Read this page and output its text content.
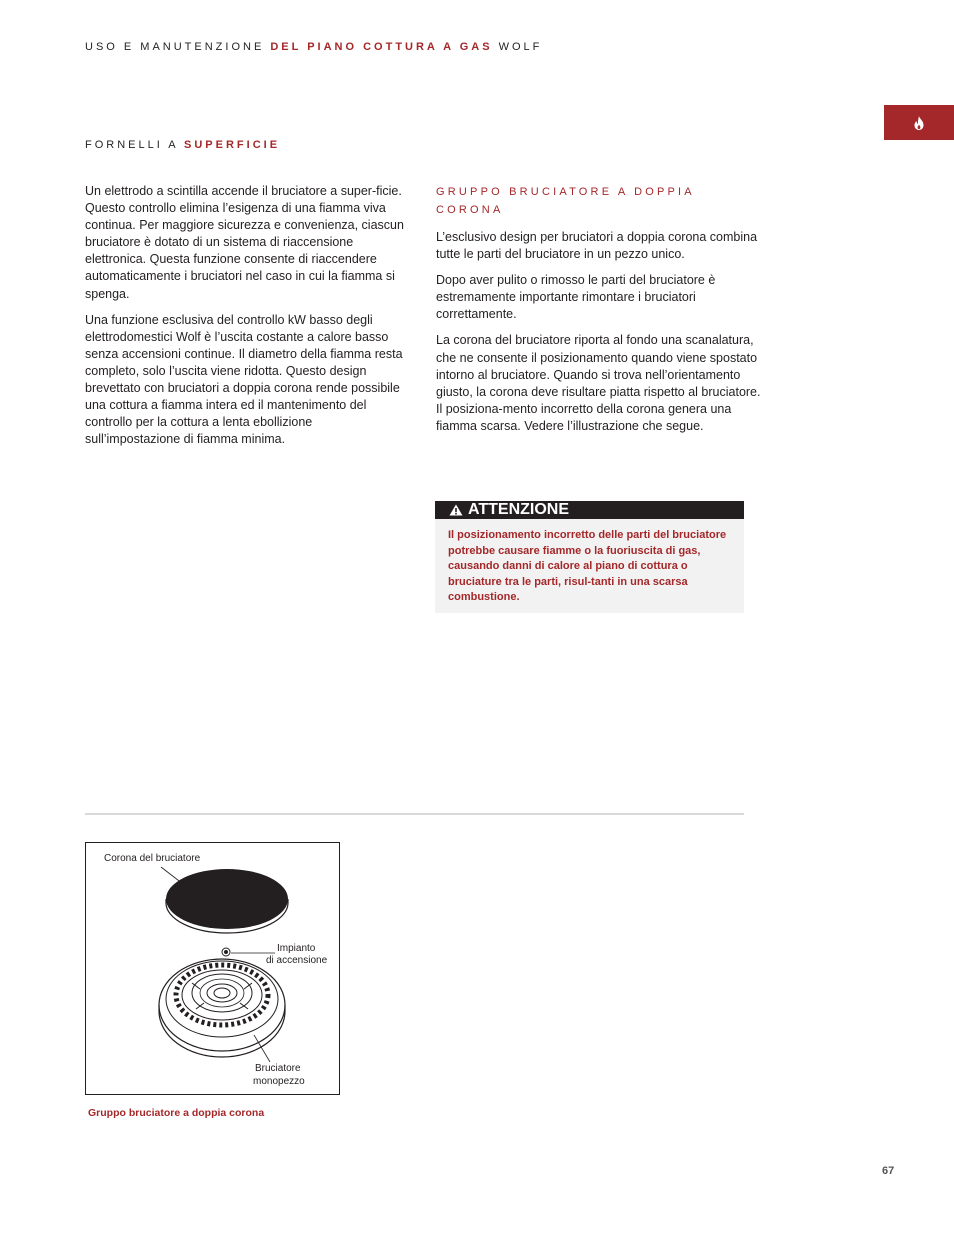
USO E MANUTENZIONE DEL PIANO COTTURA A GAS WOLF
FORNELLI A SUPERFICIE

Un elettrodo a scintilla accende il bruciatore a super-ficie. Questo controllo elimina l’esigenza di una fiamma viva continua. Per maggiore sicurezza e convenienza, ciascun bruciatore è dotato di un sistema di riaccensione elettronica. Questa funzione consente di riaccendere automaticamente i bruciatori nel caso in cui la fiamma si spenga.

Una funzione esclusiva del controllo kW basso degli elettrodomestici Wolf è l’uscita costante a calore basso senza accensioni continue. Il diametro della fiamma resta completo, solo l’uscita viene ridotta. Questo design brevettato con bruciatori a doppia corona rende possibile una cottura a fiamma intera ed il mantenimento del controllo per la cottura a lenta ebollizione sull’impostazione di fiamma minima.

GRUPPO BRUCIATORE A DOPPIA
CORONA

L’esclusivo design per bruciatori a doppia corona combina tutte le parti del bruciatore in un pezzo unico.

Dopo aver pulito o rimosso le parti del bruciatore è estremamente importante rimontare i bruciatori correttamente.

La corona del bruciatore riporta al fondo una scanalatura, che ne consente il posizionamento quando viene spostato intorno al bruciatore. Quando si trova nell’orientamento giusto, la corona deve risultare piatta rispetto al bruciatore. Il posiziona-mento incorretto della corona genera una fiamma scarsa. Vedere l’illustrazione che segue.

ATTENZIONE
Il posizionamento incorretto delle parti del bruciatore potrebbe causare fiamme o la fuoriuscita di gas, causando danni di calore al piano di cottura o bruciature tra le parti, risul-tanti in una scarsa combustione.
Corona del bruciatore
Impianto
di accensione
Bruciatore
monopezzo
Gruppo bruciatore a doppia corona
67
